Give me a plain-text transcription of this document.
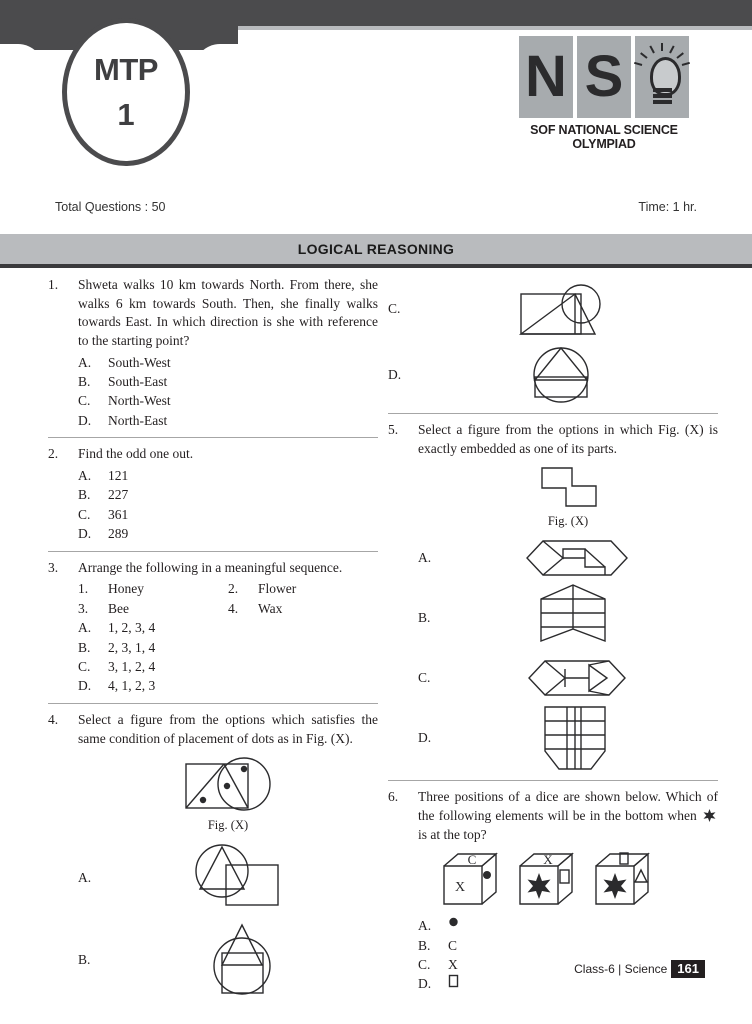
MTP
1
N S
SOF NATIONAL SCIENCE
OLYMPIAD
Total Questions : 50	Time: 1 hr.
LOGICAL REASONING
1.	Shweta walks 10 km towards North. From there, she walks 6 km towards South. Then, she finally walks towards East. In which direction is she with reference to the starting point?
A.	South-West
B.	South-East
C.	North-West
D.	North-East
2.	Find the odd one out.
A.	121
B.	227
C.	361
D.	289
3.	Arrange the following in a meaningful sequence.
1.	Honey	2.	Flower
3.	Bee	4.	Wax
A.	1, 2, 3, 4
B.	2, 3, 1, 4
C.	3, 1, 2, 4
D.	4, 1, 2, 3
4.	Select a figure from the options which satisfies the same condition of placement of dots as in Fig. (X).
Fig. (X)
A.
B.
C.
D.
5.	Select a figure from the options in which Fig. (X) is exactly embedded as one of its parts.
Fig. (X)
A.
B.
C.
D.
6.	Three positions of a dice are shown below. Which of the following elements will be in the bottom when  is at the top?
C
X
X
A.
B.	C
C.	X
D.
Class-6 | Science 161
